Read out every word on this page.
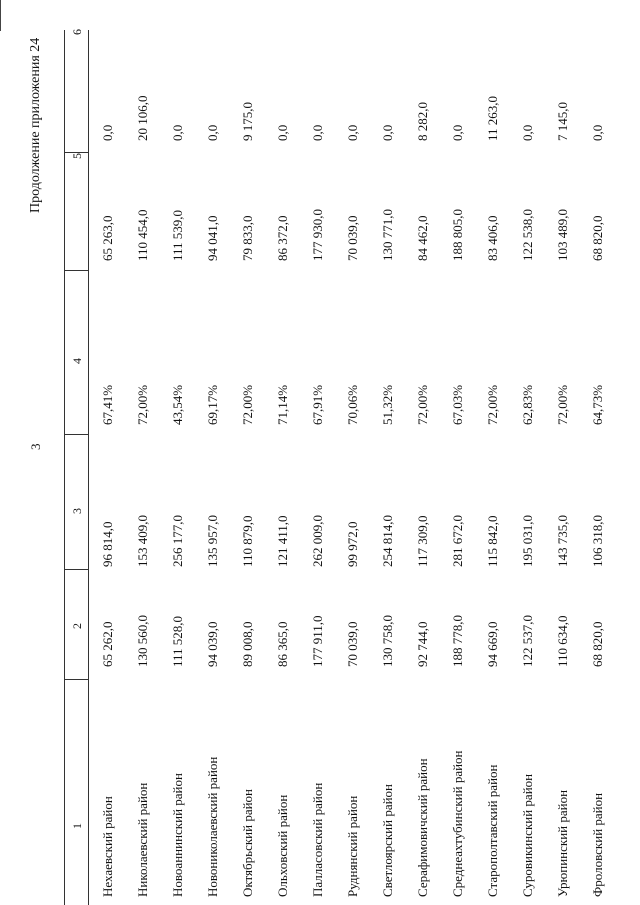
3
Продолжение приложения 24
1
2
3
4
5
6
Нехаевский район
65 262,0
96 814,0
67,41%
65 263,0
0,0
Николаевский район
130 560,0
153 409,0
72,00%
110 454,0
20 106,0
Новоаннинский район
111 528,0
256 177,0
43,54%
111 539,0
0,0
Новониколаевский район
94 039,0
135 957,0
69,17%
94 041,0
0,0
Октябрьский район
89 008,0
110 879,0
72,00%
79 833,0
9 175,0
Ольховский район
86 365,0
121 411,0
71,14%
86 372,0
0,0
Палласовский район
177 911,0
262 009,0
67,91%
177 930,0
0,0
Руднянский район
70 039,0
99 972,0
70,06%
70 039,0
0,0
Светлоярский район
130 758,0
254 814,0
51,32%
130 771,0
0,0
Серафимовичский район
92 744,0
117 309,0
72,00%
84 462,0
8 282,0
Среднеахтубинский район
188 778,0
281 672,0
67,03%
188 805,0
0,0
Старополтавский район
94 669,0
115 842,0
72,00%
83 406,0
11 263,0
Суровикинский район
122 537,0
195 031,0
62,83%
122 538,0
0,0
Урюпинский район
110 634,0
143 735,0
72,00%
103 489,0
7 145,0
Фроловский район
68 820,0
106 318,0
64,73%
68 820,0
0,0
